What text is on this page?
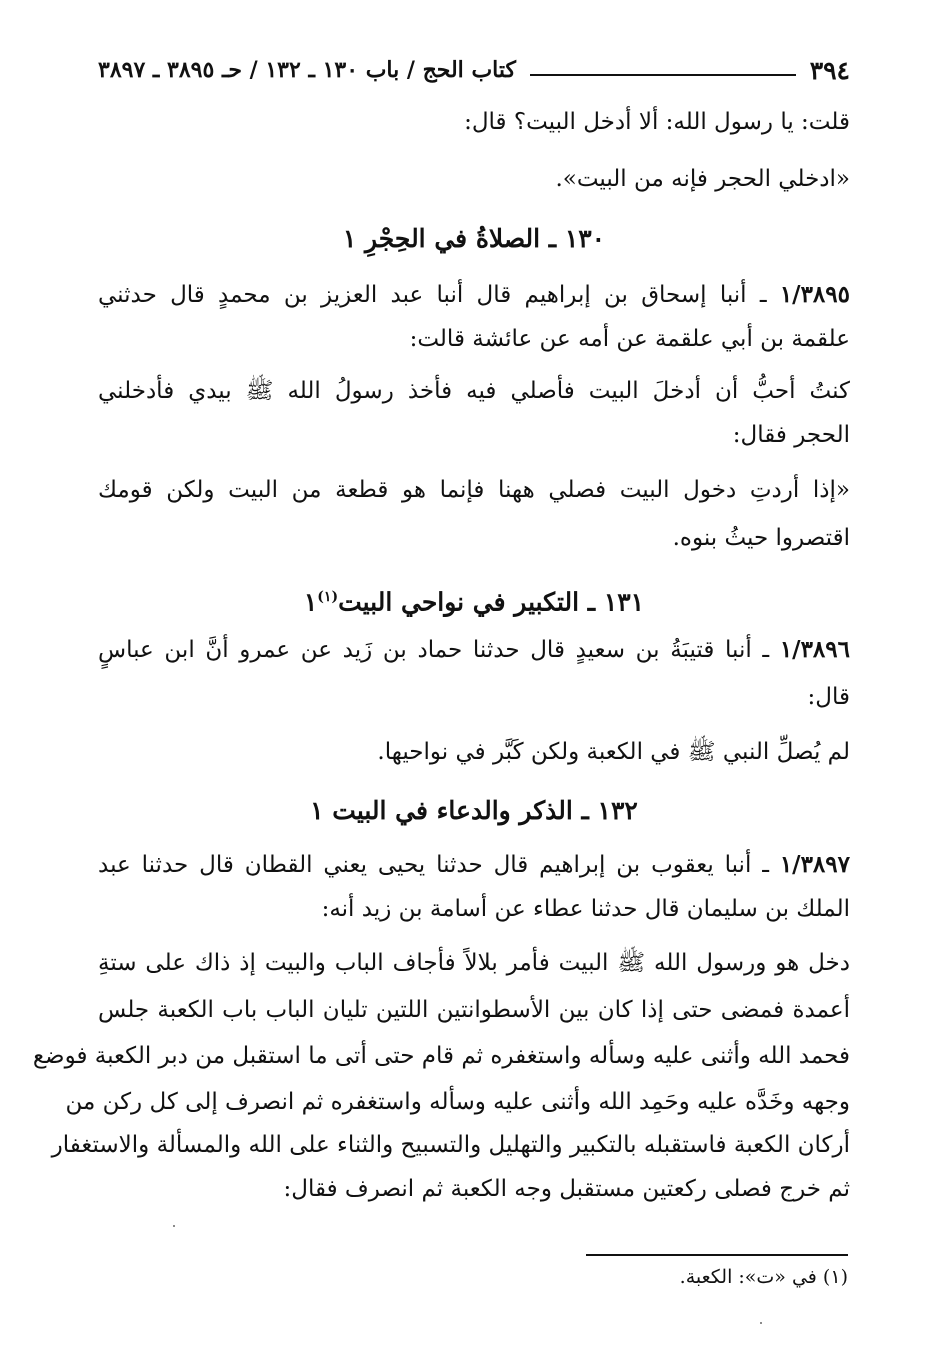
٣٩٤
كتاب الحج / باب ١٣٠ ـ ١٣٢ / حـ ٣٨٩٥ ـ ٣٨٩٧
قلت: يا رسول الله: ألا أدخل البيت؟ قال:
«ادخلي الحجر فإنه من البيت».
١٣٠ ـ الصلاةُ في الحِجْرِ ١
١/٣٨٩٥ ـ أنبا إسحاق بن إبراهيم قال أنبا عبد العزيز بن محمدٍ قال حدثني
علقمة بن أبي علقمة عن أمه عن عائشة قالت:
كنتُ أحبُّ أن أدخلَ البيت فأصلي فيه فأخذ رسولُ الله ﷺ بيدي فأدخلني
الحجر فقال:
«إذا أردتِ دخول البيت فصلي ههنا فإنما هو قطعة من البيت ولكن قومك
اقتصروا حيثُ بنوه.
١٣١ ـ التكبير في نواحي البيت$^{(١)}$١
١/٣٨٩٦ ـ أنبا قتيبَةُ بن سعيدٍ قال حدثنا حماد بن زَيد عن عمرو أنَّ ابن عباسٍ
قال:
لم يُصلِّ النبي ﷺ في الكعبة ولكن كَبَّر في نواحيها.
١٣٢ ـ الذكر والدعاء في البيت ١
١/٣٨٩٧ ـ أنبا يعقوب بن إبراهيم قال حدثنا يحيى يعني القطان قال حدثنا عبد
الملك بن سليمان قال حدثنا عطاء عن أسامة بن زيد أنه:
دخل هو ورسول الله ﷺ البيت فأمر بلالاً فأجاف الباب والبيت إذ ذاك على ستةِ
أعمدة فمضى حتى إذا كان بين الأسطوانتين اللتين تليان الباب باب الكعبة جلس
فحمد الله وأثنى عليه وسأله واستغفره ثم قام حتى أتى ما استقبل من دبر الكعبة فوضع
وجهه وخَدَّه عليه وحَمِد الله وأثنى عليه وسأله واستغفره ثم انصرف إلى كل ركن من
أركان الكعبة فاستقبله بالتكبير والتهليل والتسبيح والثناء على الله والمسألة والاستغفار
ثم خرج فصلى ركعتين مستقبل وجه الكعبة ثم انصرف فقال:
(١) في «ت»: الكعبة.
